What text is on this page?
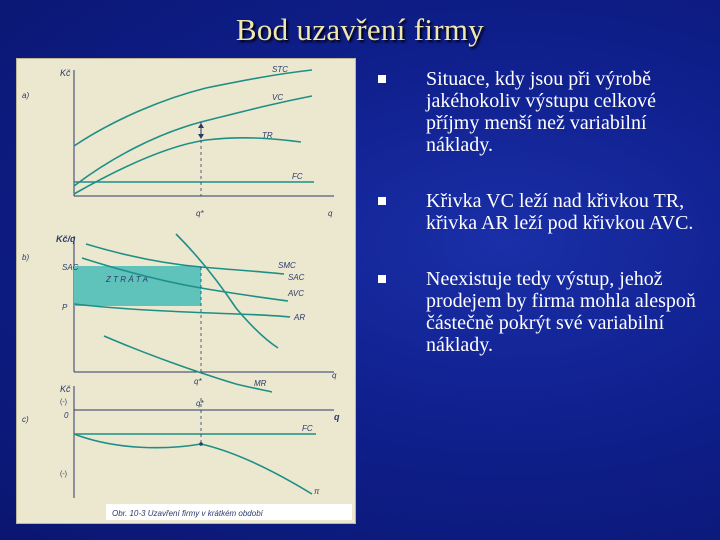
Bod uzavření firmy
Kč
a)
STC
VC
TR
FC
q*	q
Kč/q
b)
Z T R Á T A
SAC
P
SMC
SAC
AVC
AR
MR
q*
q
Kč
c)
(-)
0
(-)
q*
q
FC
π
Obr. 10-3 Uzavření firmy v krátkém období
Situace, kdy jsou při výrobě jakéhokoliv výstupu celkové příjmy menší než variabilní náklady.
Křivka VC leží nad křivkou TR, křivka AR leží pod křivkou AVC.
Neexistuje tedy výstup, jehož prodejem by firma mohla alespoň částečně pokrýt své variabilní náklady.
